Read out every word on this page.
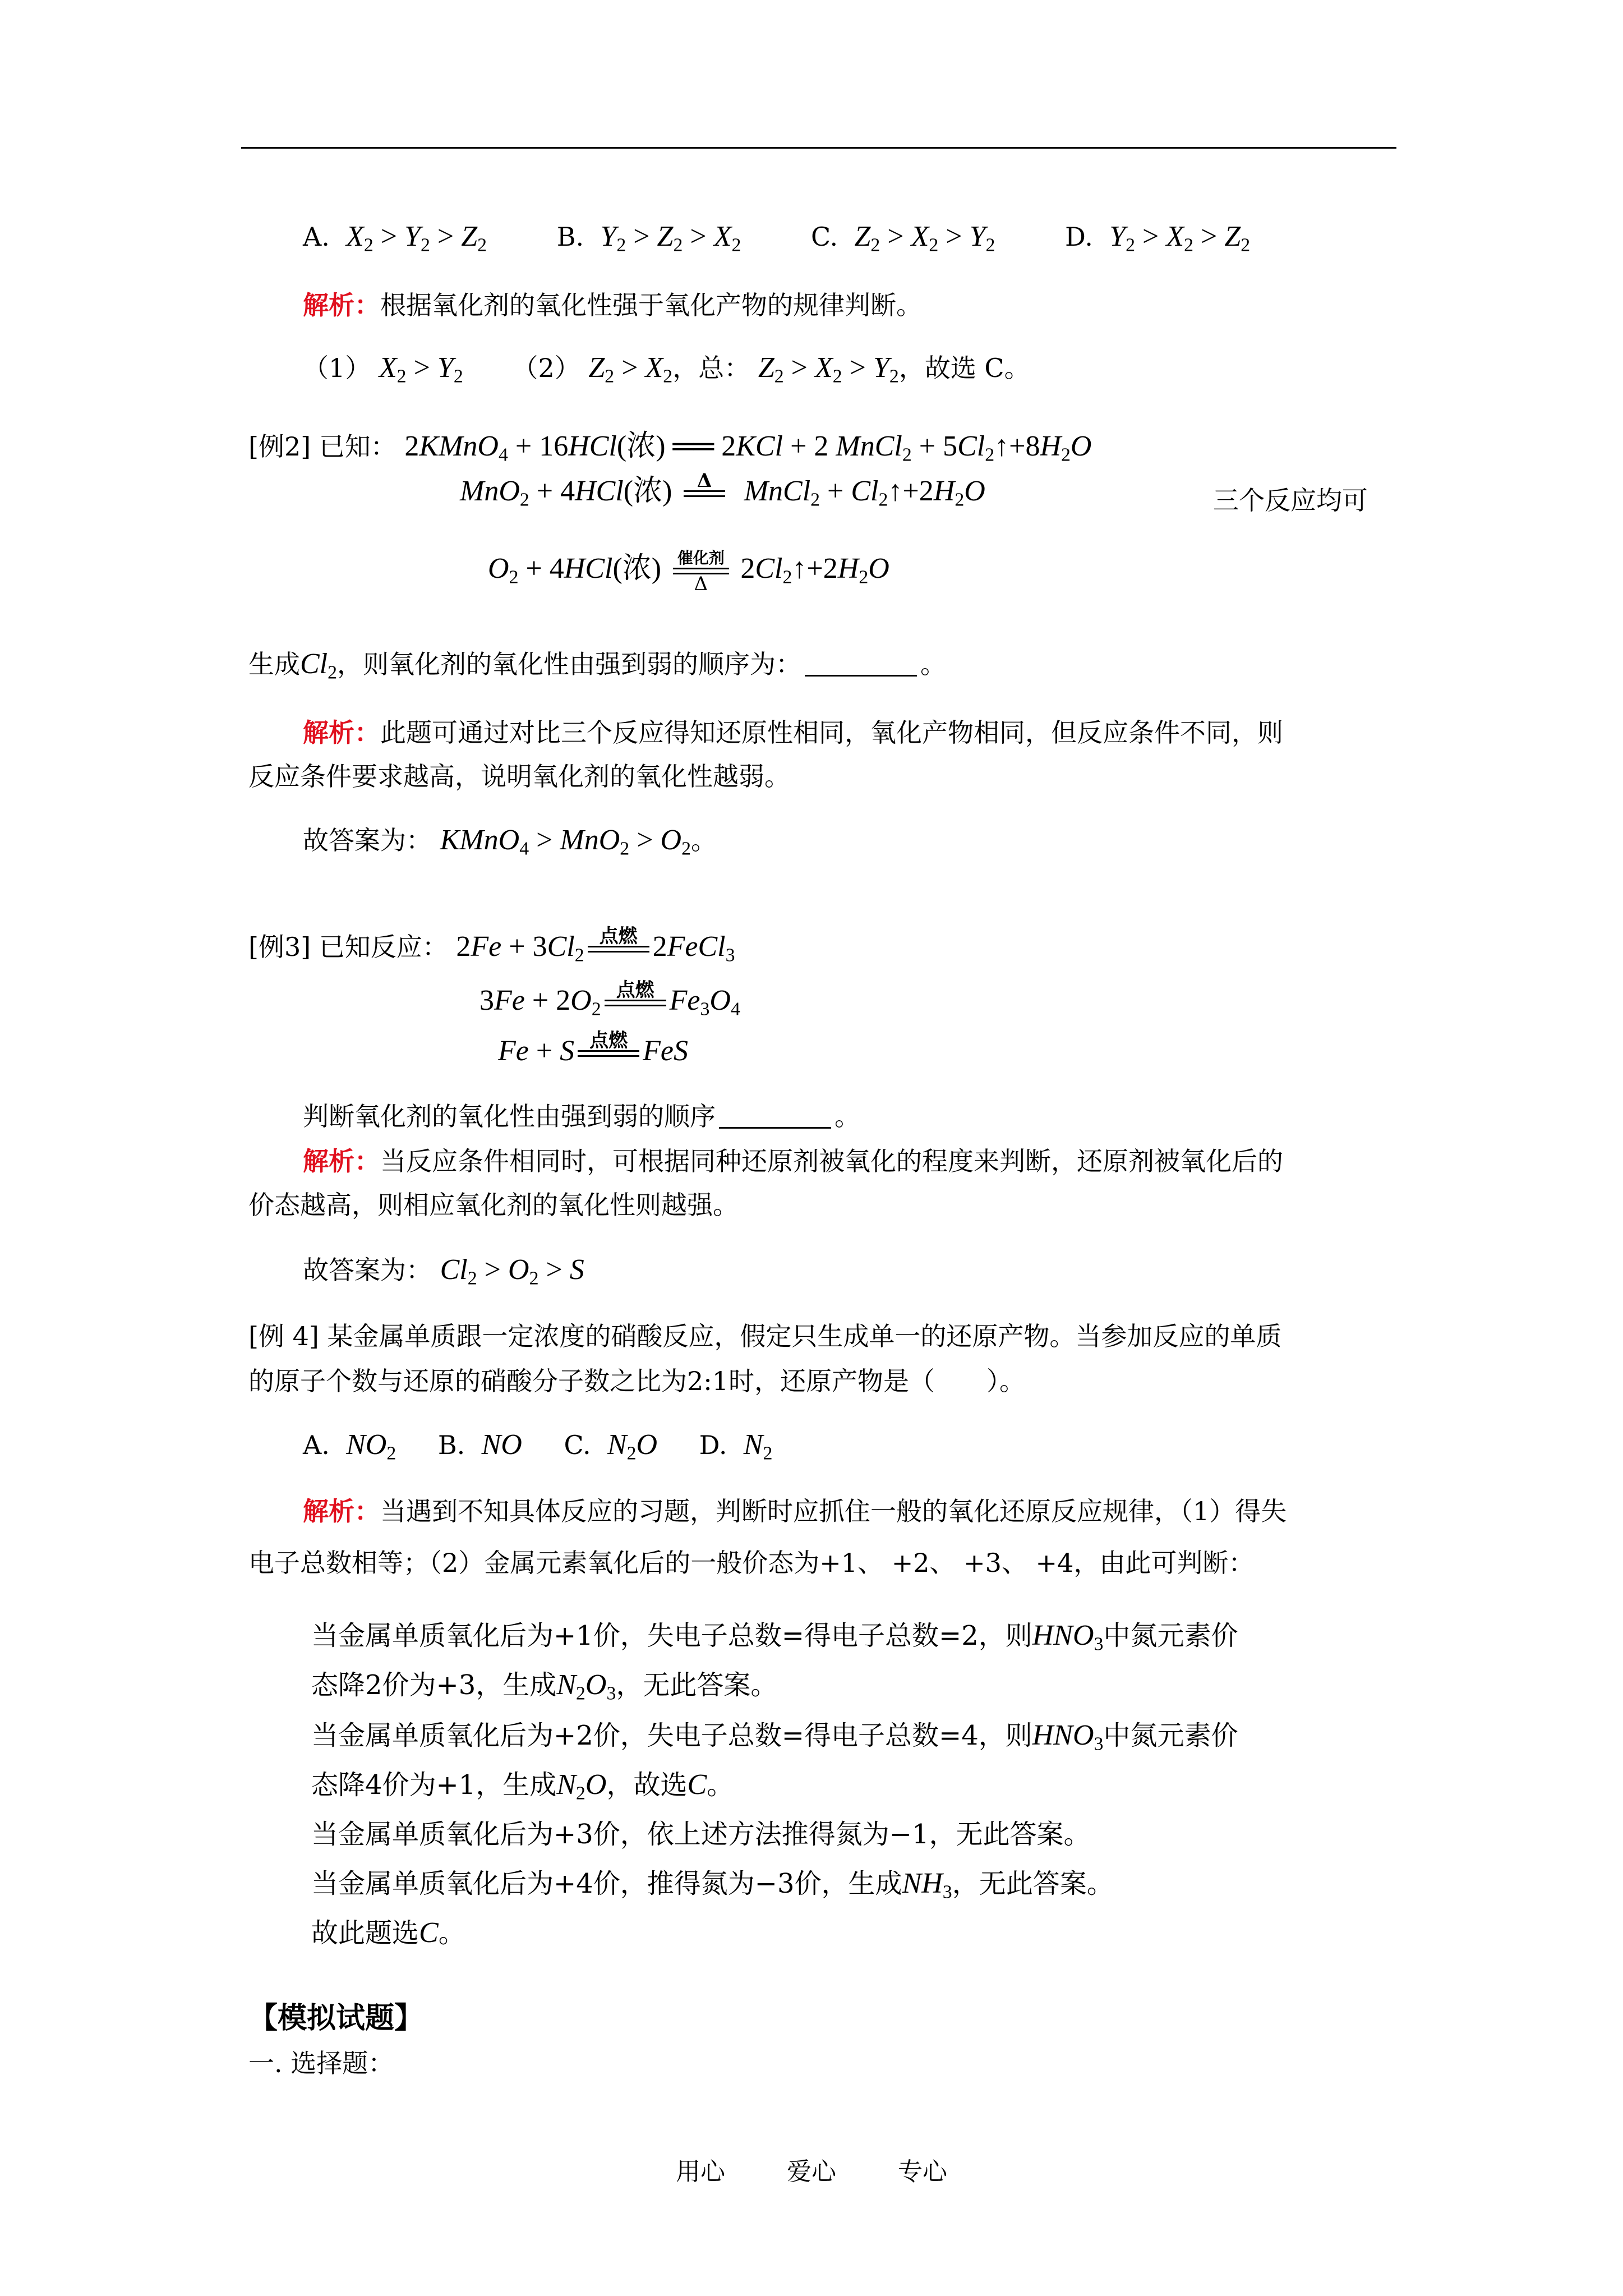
A. $X_2 > Y_2 > Z_2$	B. $Y_2 > Z_2 > X_2$	C. $Z_2 > X_2 > Y_2$	D. $Y_2 > X_2 > Z_2$
解析：根据氧化剂的氧化性强于氧化产物的规律判断。
（1） $X_2 > Y_2$ （2） $Z_2 > X_2$，总： $Z_2 > X_2 > Y_2$，故选 C。
[例2] 已知： 2KMnO$_4$ + 16HCl(浓) ══ 2KCl + 2 MnCl$_2$ + $5Cl_2↑+8H_2O$
MnO$_2$ + 4HCl(浓)	Δ
MnCl$_2$ + $Cl_2↑+2H_2O$	三个反应均可
$O_2 + 4HCl$(浓) 催化剂
Δ	$2Cl_2↑+2H_2O$
生成$Cl_2$，则氧化剂的氧化性由强到弱的顺序为：	。
解析：此题可通过对比三个反应得知还原性相同，氧化产物相同，但反应条件不同，则
反应条件要求越高，说明氧化剂的氧化性越弱。
故答案为： KMnO$_4$ > $MnO_2 > O_2$。
[例3] 已知反应： $2Fe + 3Cl_2$
点燃
2FeCl$_3$
$3Fe + 2O_2$
点燃
$Fe_3O_4$
Fe + S 点燃
FeS
判断氧化剂的氧化性由强到弱的顺序	。
解析：当反应条件相同时，可根据同种还原剂被氧化的程度来判断，还原剂被氧化后的
价态越高，则相应氧化剂的氧化性则越强。
故答案为： $Cl_2 > O_2 > S$
[例 4] 某金属单质跟一定浓度的硝酸反应，假定只生成单一的还原产物。当参加反应的单质
的原子个数与还原的硝酸分子数之比为2:1时，还原产物是（　　）。
A. $NO_2$ B. NO C. $N_2O$ D. $N_2$
解析：当遇到不知具体反应的习题，判断时应抓住一般的氧化还原反应规律，（1）得失
电子总数相等；（2）金属元素氧化后的一般价态为+1、 +2、 +3、 +4，由此可判断：
当金属单质氧化后为+1价，失电子总数=得电子总数=2，则$HNO_3$中氮元素价
态降2价为+3，生成$N_2O_3$，无此答案。
当金属单质氧化后为+2价，失电子总数=得电子总数=4，则$HNO_3$中氮元素价
态降4价为+1，生成$N_2O$，故选C。
当金属单质氧化后为+3价，依上述方法推得氮为−1，无此答案。
当金属单质氧化后为+4价，推得氮为−3价，生成$NH_3$，无此答案。
故此题选C。
【模拟试题】
一. 选择题：
用心	爱心	专心
